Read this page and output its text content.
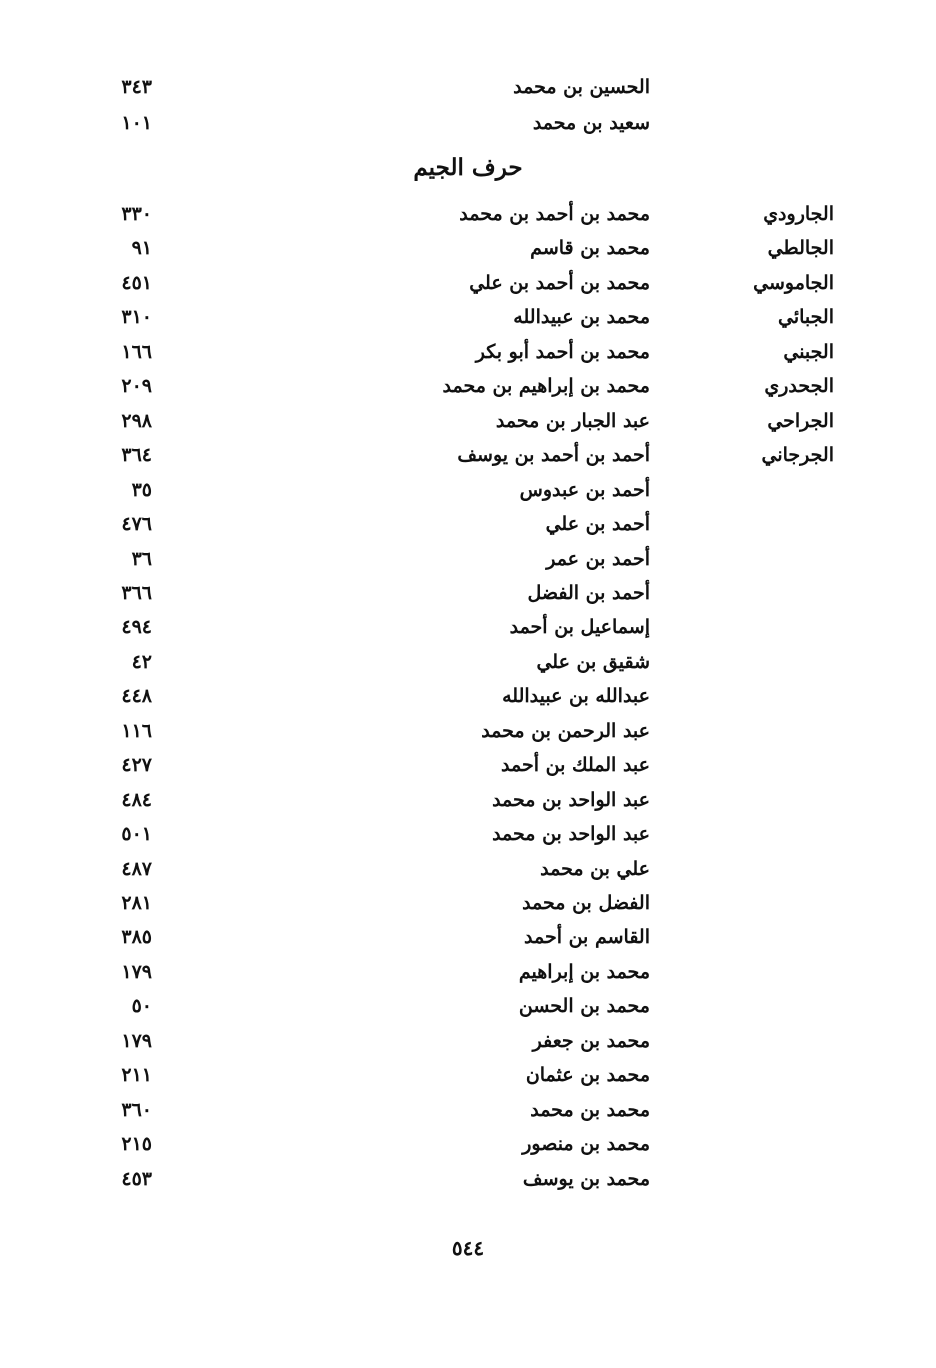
الحسين بن محمد
٣٤٣
سعيد بن محمد
١٠١
حرف الجيم
الجارودي
محمد بن أحمد بن محمد
٣٣٠
الجالطي
محمد بن قاسم
٩١
الجاموسي
محمد بن أحمد بن علي
٤٥١
الجبائي
محمد بن عبيدالله
٣١٠
الجبني
محمد بن أحمد أبو بكر
١٦٦
الجحدري
محمد بن إبراهيم بن محمد
٢٠٩
الجراحي
عبد الجبار بن محمد
٢٩٨
الجرجاني
أحمد بن أحمد بن يوسف
٣٦٤
أحمد بن عبدوس
٣٥
أحمد بن علي
٤٧٦
أحمد بن عمر
٣٦
أحمد بن الفضل
٣٦٦
إسماعيل بن أحمد
٤٩٤
شقيق بن علي
٤٢
عبدالله بن عبيدالله
٤٤٨
عبد الرحمن بن محمد
١١٦
عبد الملك بن أحمد
٤٢٧
عبد الواحد بن محمد
٤٨٤
عبد الواحد بن محمد
٥٠١
علي بن محمد
٤٨٧
الفضل بن محمد
٢٨١
القاسم بن أحمد
٣٨٥
محمد بن إبراهيم
١٧٩
محمد بن الحسن
٥٠
محمد بن جعفر
١٧٩
محمد بن عثمان
٢١١
محمد بن محمد
٣٦٠
محمد بن منصور
٢١٥
محمد بن يوسف
٤٥٣
٥٤٤
